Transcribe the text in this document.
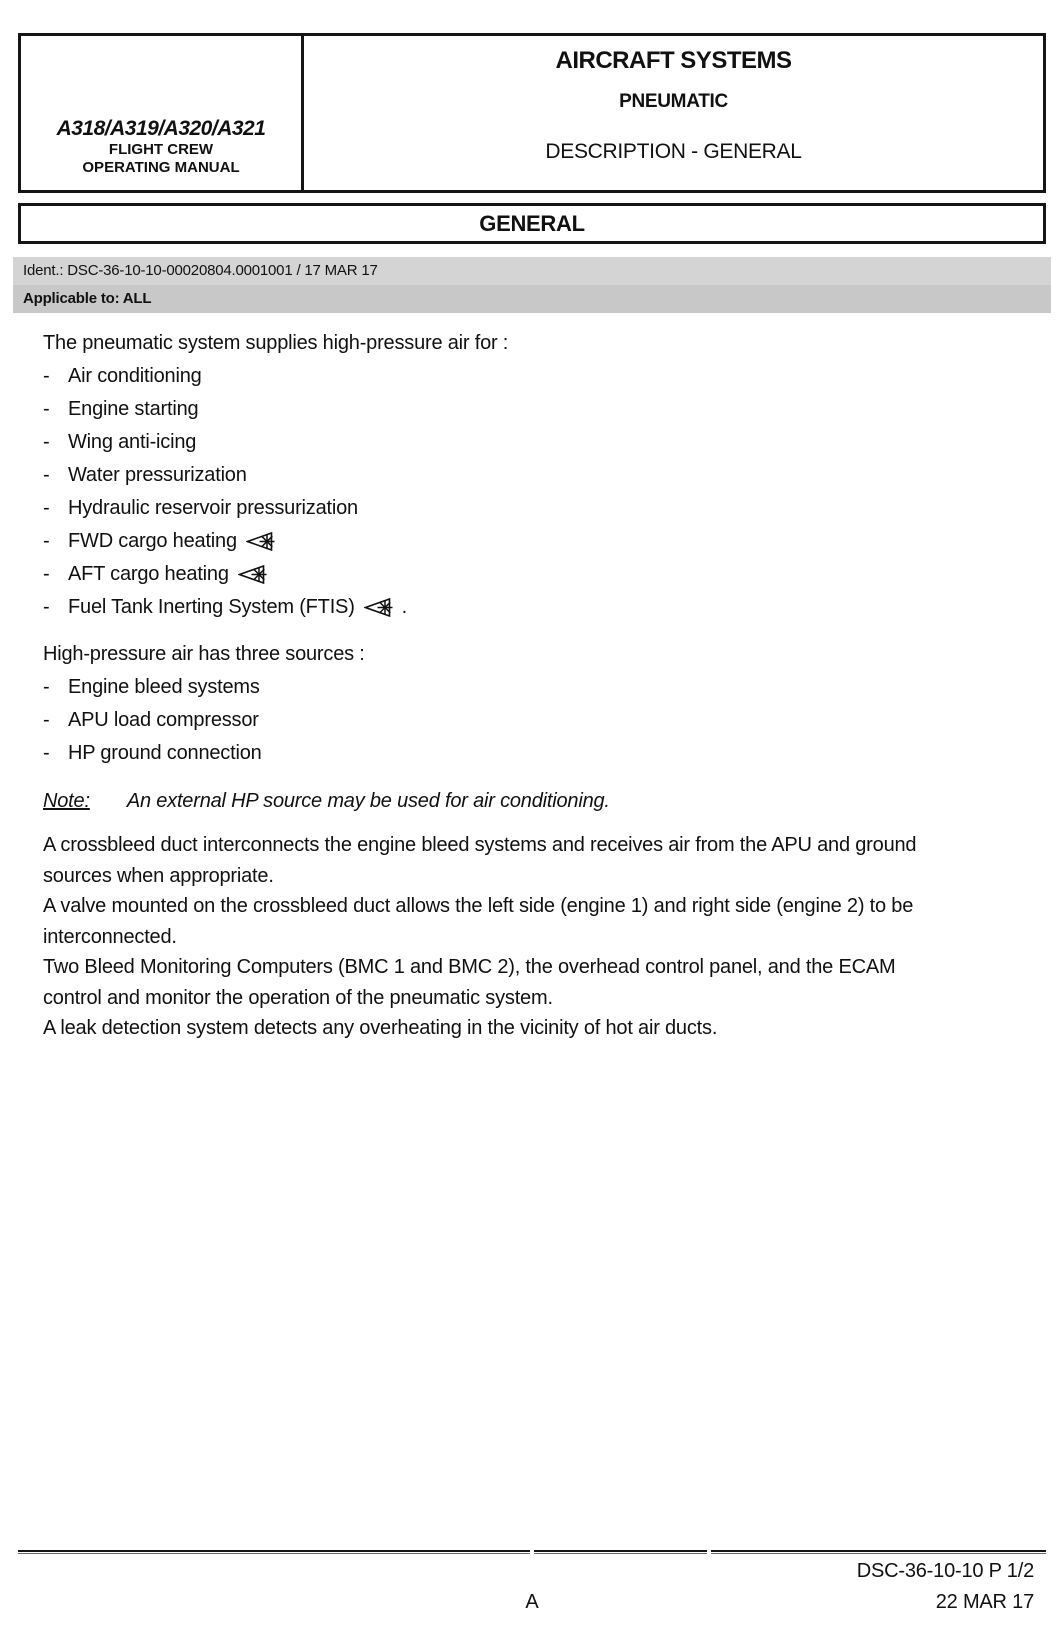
A318/A319/A320/A321
FLIGHT CREW
OPERATING MANUAL
AIRCRAFT SYSTEMS
PNEUMATIC
DESCRIPTION - GENERAL
GENERAL
Ident.: DSC-36-10-10-00020804.0001001 / 17 MAR 17
Applicable to: ALL

The pneumatic system supplies high-pressure air for :

- Air conditioning
- Engine starting
- Wing anti-icing
- Water pressurization
- Hydraulic reservoir pressurization
- FWD cargo heating
- AFT cargo heating
- Fuel Tank Inerting System (FTIS) .

High-pressure air has three sources :

- Engine bleed systems
- APU load compressor
- HP ground connection
Note: An external HP source may be used for air conditioning.
A crossbleed duct interconnects the engine bleed systems and receives air from the APU and ground
sources when appropriate.
A valve mounted on the crossbleed duct allows the left side (engine 1) and right side (engine 2) to be
interconnected.
Two Bleed Monitoring Computers (BMC 1 and BMC 2), the overhead control panel, and the ECAM
control and monitor the operation of the pneumatic system.
A leak detection system detects any overheating in the vicinity of hot air ducts.
DSC-36-10-10 P 1/2
A	22 MAR 17
